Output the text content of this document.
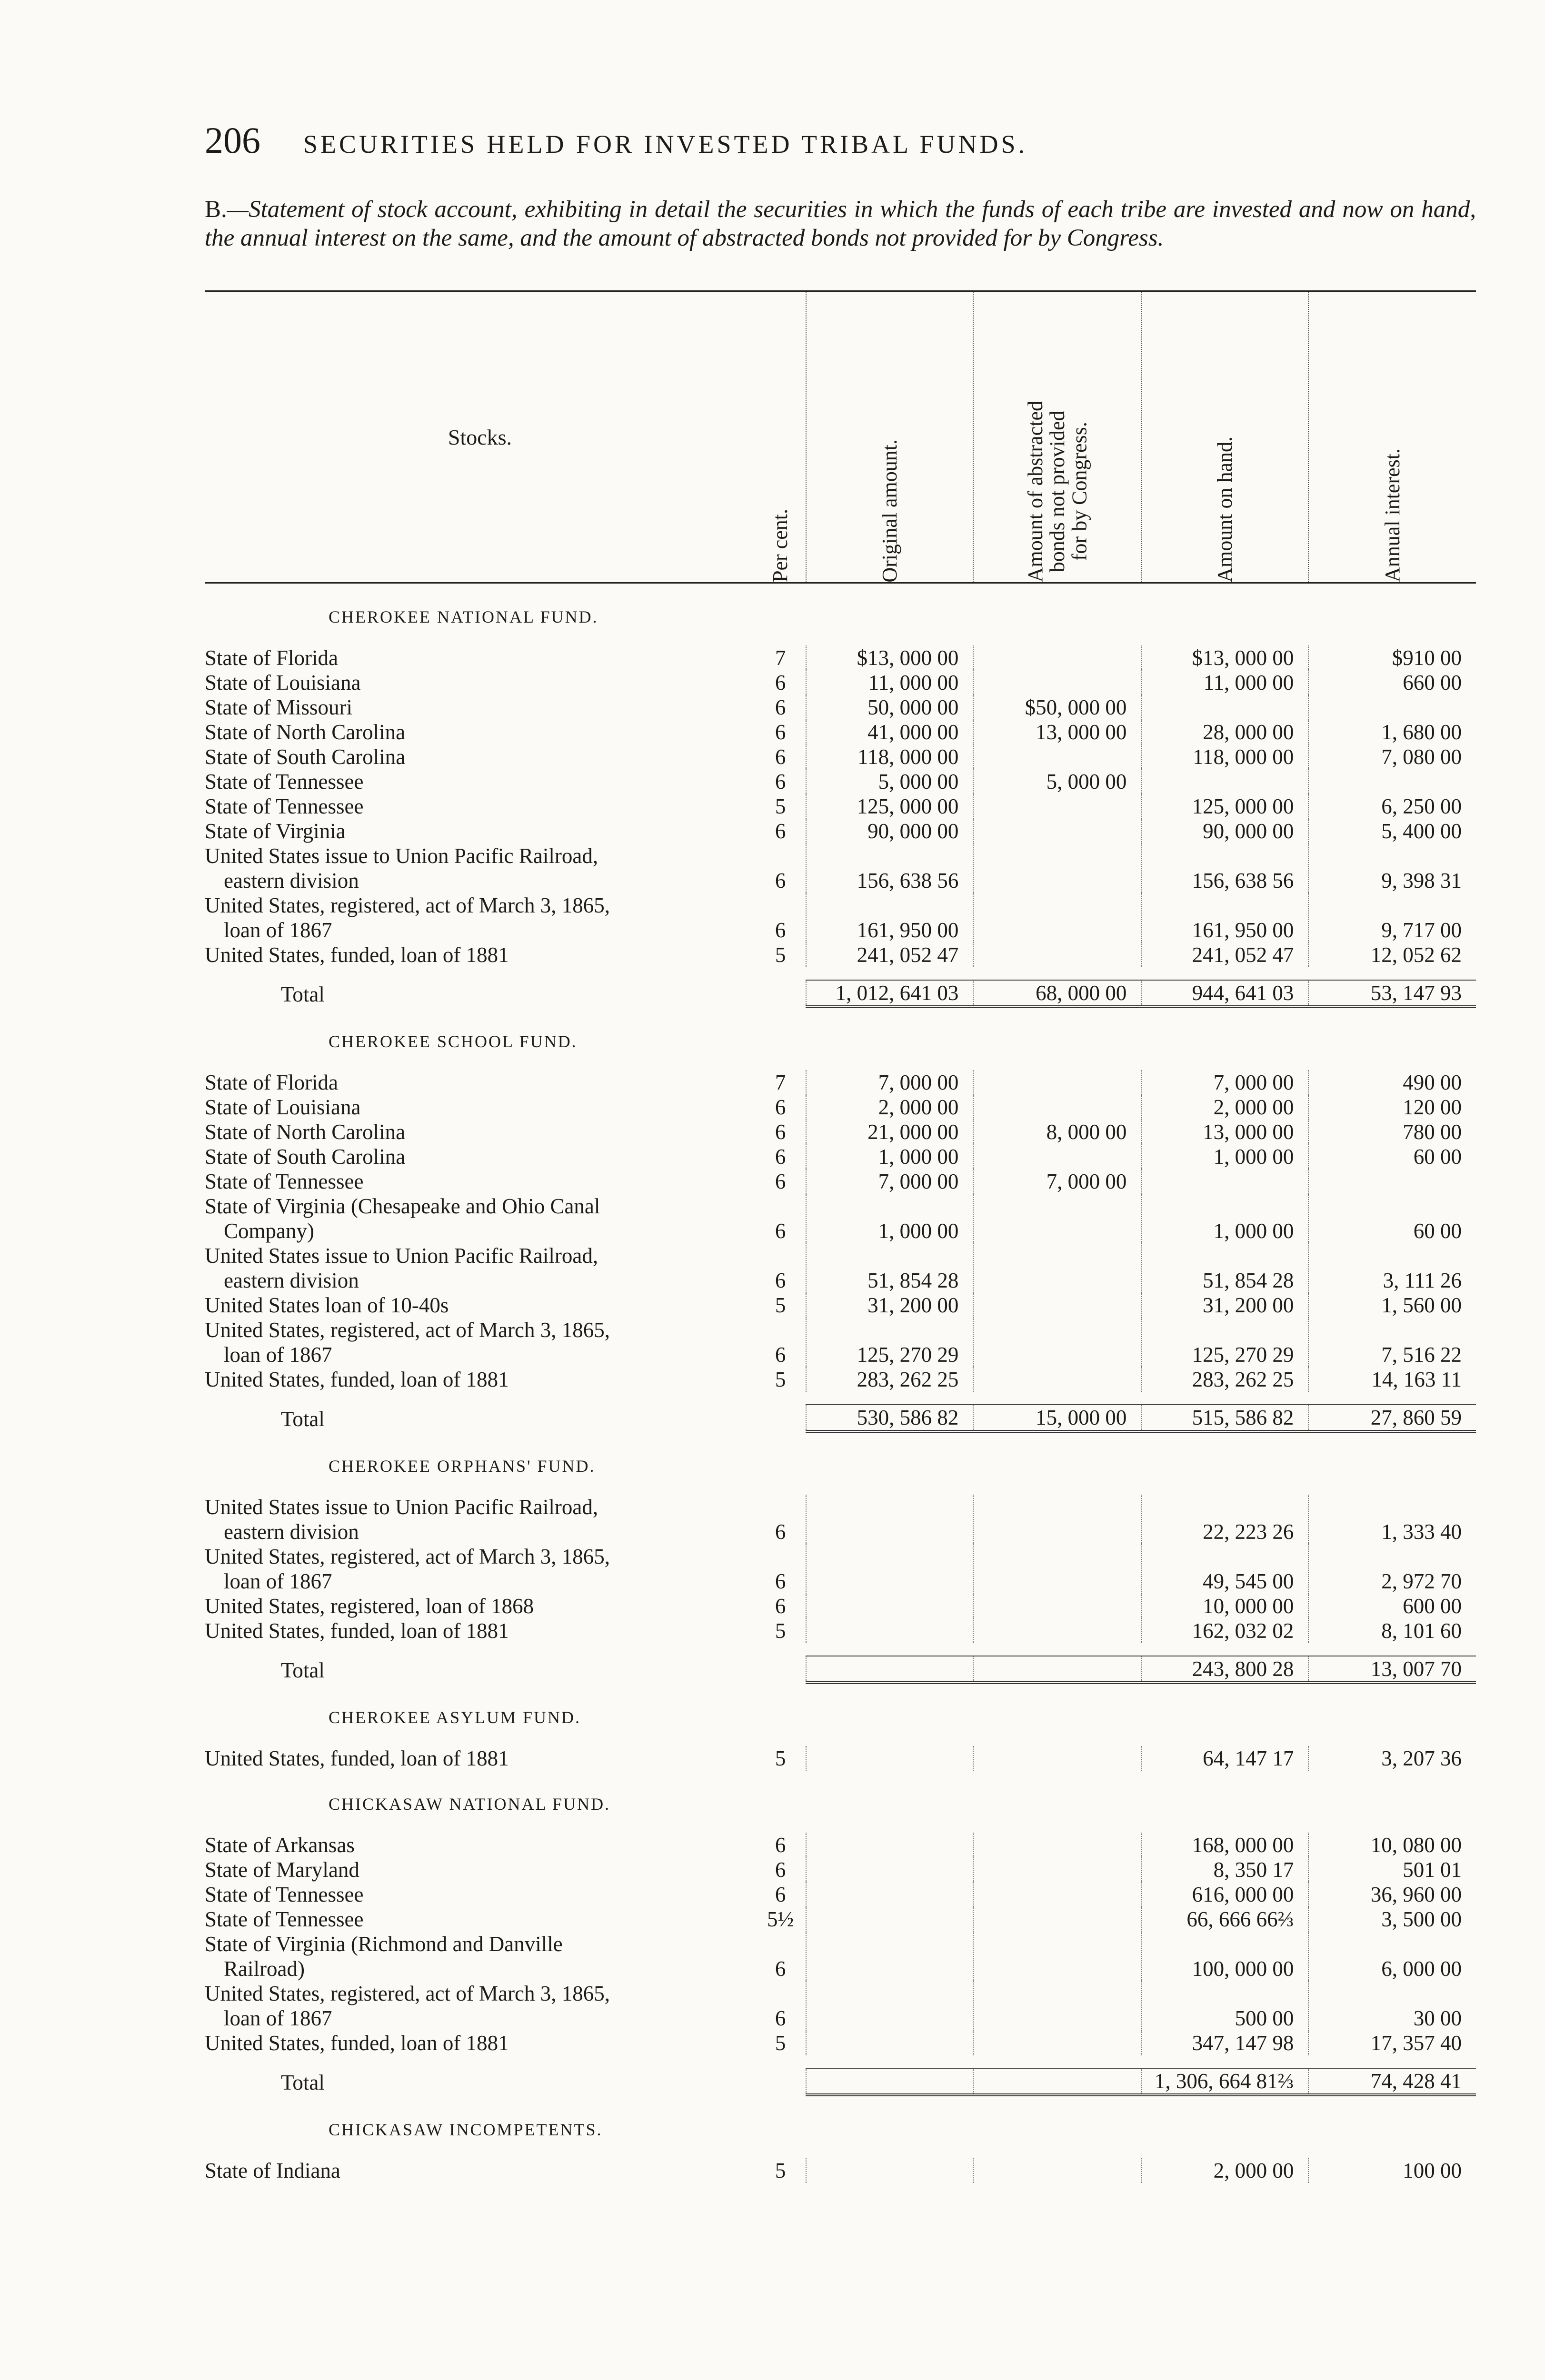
206 SECURITIES HELD FOR INVESTED TRIBAL FUNDS.
B.—Statement of stock account, exhibiting in detail the securities in which the funds of each tribe are invested and now on hand, the annual interest on the same, and the amount of abstracted bonds not provided for by Congress.
Stocks.	Per cent.	Original amount.	Amount of abstracted
bonds not provided
for by Congress.	Amount on hand.	Annual interest.

CHEROKEE NATIONAL FUND.					
State of Florida	7	$13, 000 00		$13, 000 00	$910 00
State of Louisiana	6	11, 000 00		11, 000 00	660 00
State of Missouri	6	50, 000 00	$50, 000 00		
State of North Carolina	6	41, 000 00	13, 000 00	28, 000 00	1, 680 00
State of South Carolina	6	118, 000 00		118, 000 00	7, 080 00
State of Tennessee	6	5, 000 00	5, 000 00		
State of Tennessee	5	125, 000 00		125, 000 00	6, 250 00
State of Virginia	6	90, 000 00		90, 000 00	5, 400 00
United States issue to Union Pacific Railroad,
eastern division	6	156, 638 56		156, 638 56	9, 398 31
United States, registered, act of March 3, 1865,
loan of 1867	6	161, 950 00		161, 950 00	9, 717 00
United States, funded, loan of 1881	5	241, 052 47		241, 052 47	12, 052 62

Total		1, 012, 641 03	68, 000 00	944, 641 03	53, 147 93
CHEROKEE SCHOOL FUND.					
State of Florida	7	7, 000 00		7, 000 00	490 00
State of Louisiana	6	2, 000 00		2, 000 00	120 00
State of North Carolina	6	21, 000 00	8, 000 00	13, 000 00	780 00
State of South Carolina	6	1, 000 00		1, 000 00	60 00
State of Tennessee	6	7, 000 00	7, 000 00		
State of Virginia (Chesapeake and Ohio Canal
Company)	6	1, 000 00		1, 000 00	60 00
United States issue to Union Pacific Railroad,
eastern division	6	51, 854 28		51, 854 28	3, 111 26
United States loan of 10-40s	5	31, 200 00		31, 200 00	1, 560 00
United States, registered, act of March 3, 1865,
loan of 1867	6	125, 270 29		125, 270 29	7, 516 22
United States, funded, loan of 1881	5	283, 262 25		283, 262 25	14, 163 11

Total		530, 586 82	15, 000 00	515, 586 82	27, 860 59
CHEROKEE ORPHANS' FUND.					
United States issue to Union Pacific Railroad,
eastern division	6			22, 223 26	1, 333 40
United States, registered, act of March 3, 1865,
loan of 1867	6			49, 545 00	2, 972 70
United States, registered, loan of 1868	6			10, 000 00	600 00
United States, funded, loan of 1881	5			162, 032 02	8, 101 60

Total				243, 800 28	13, 007 70
CHEROKEE ASYLUM FUND.					
United States, funded, loan of 1881	5			64, 147 17	3, 207 36
CHICKASAW NATIONAL FUND.					
State of Arkansas	6			168, 000 00	10, 080 00
State of Maryland	6			8, 350 17	501 01
State of Tennessee	6			616, 000 00	36, 960 00
State of Tennessee	5½			66, 666 66⅔	3, 500 00
State of Virginia (Richmond and Danville
Railroad)	6			100, 000 00	6, 000 00
United States, registered, act of March 3, 1865,
loan of 1867	6			500 00	30 00
United States, funded, loan of 1881	5			347, 147 98	17, 357 40

Total				1, 306, 664 81⅔	74, 428 41
CHICKASAW INCOMPETENTS.					
State of Indiana	5			2, 000 00	100 00
